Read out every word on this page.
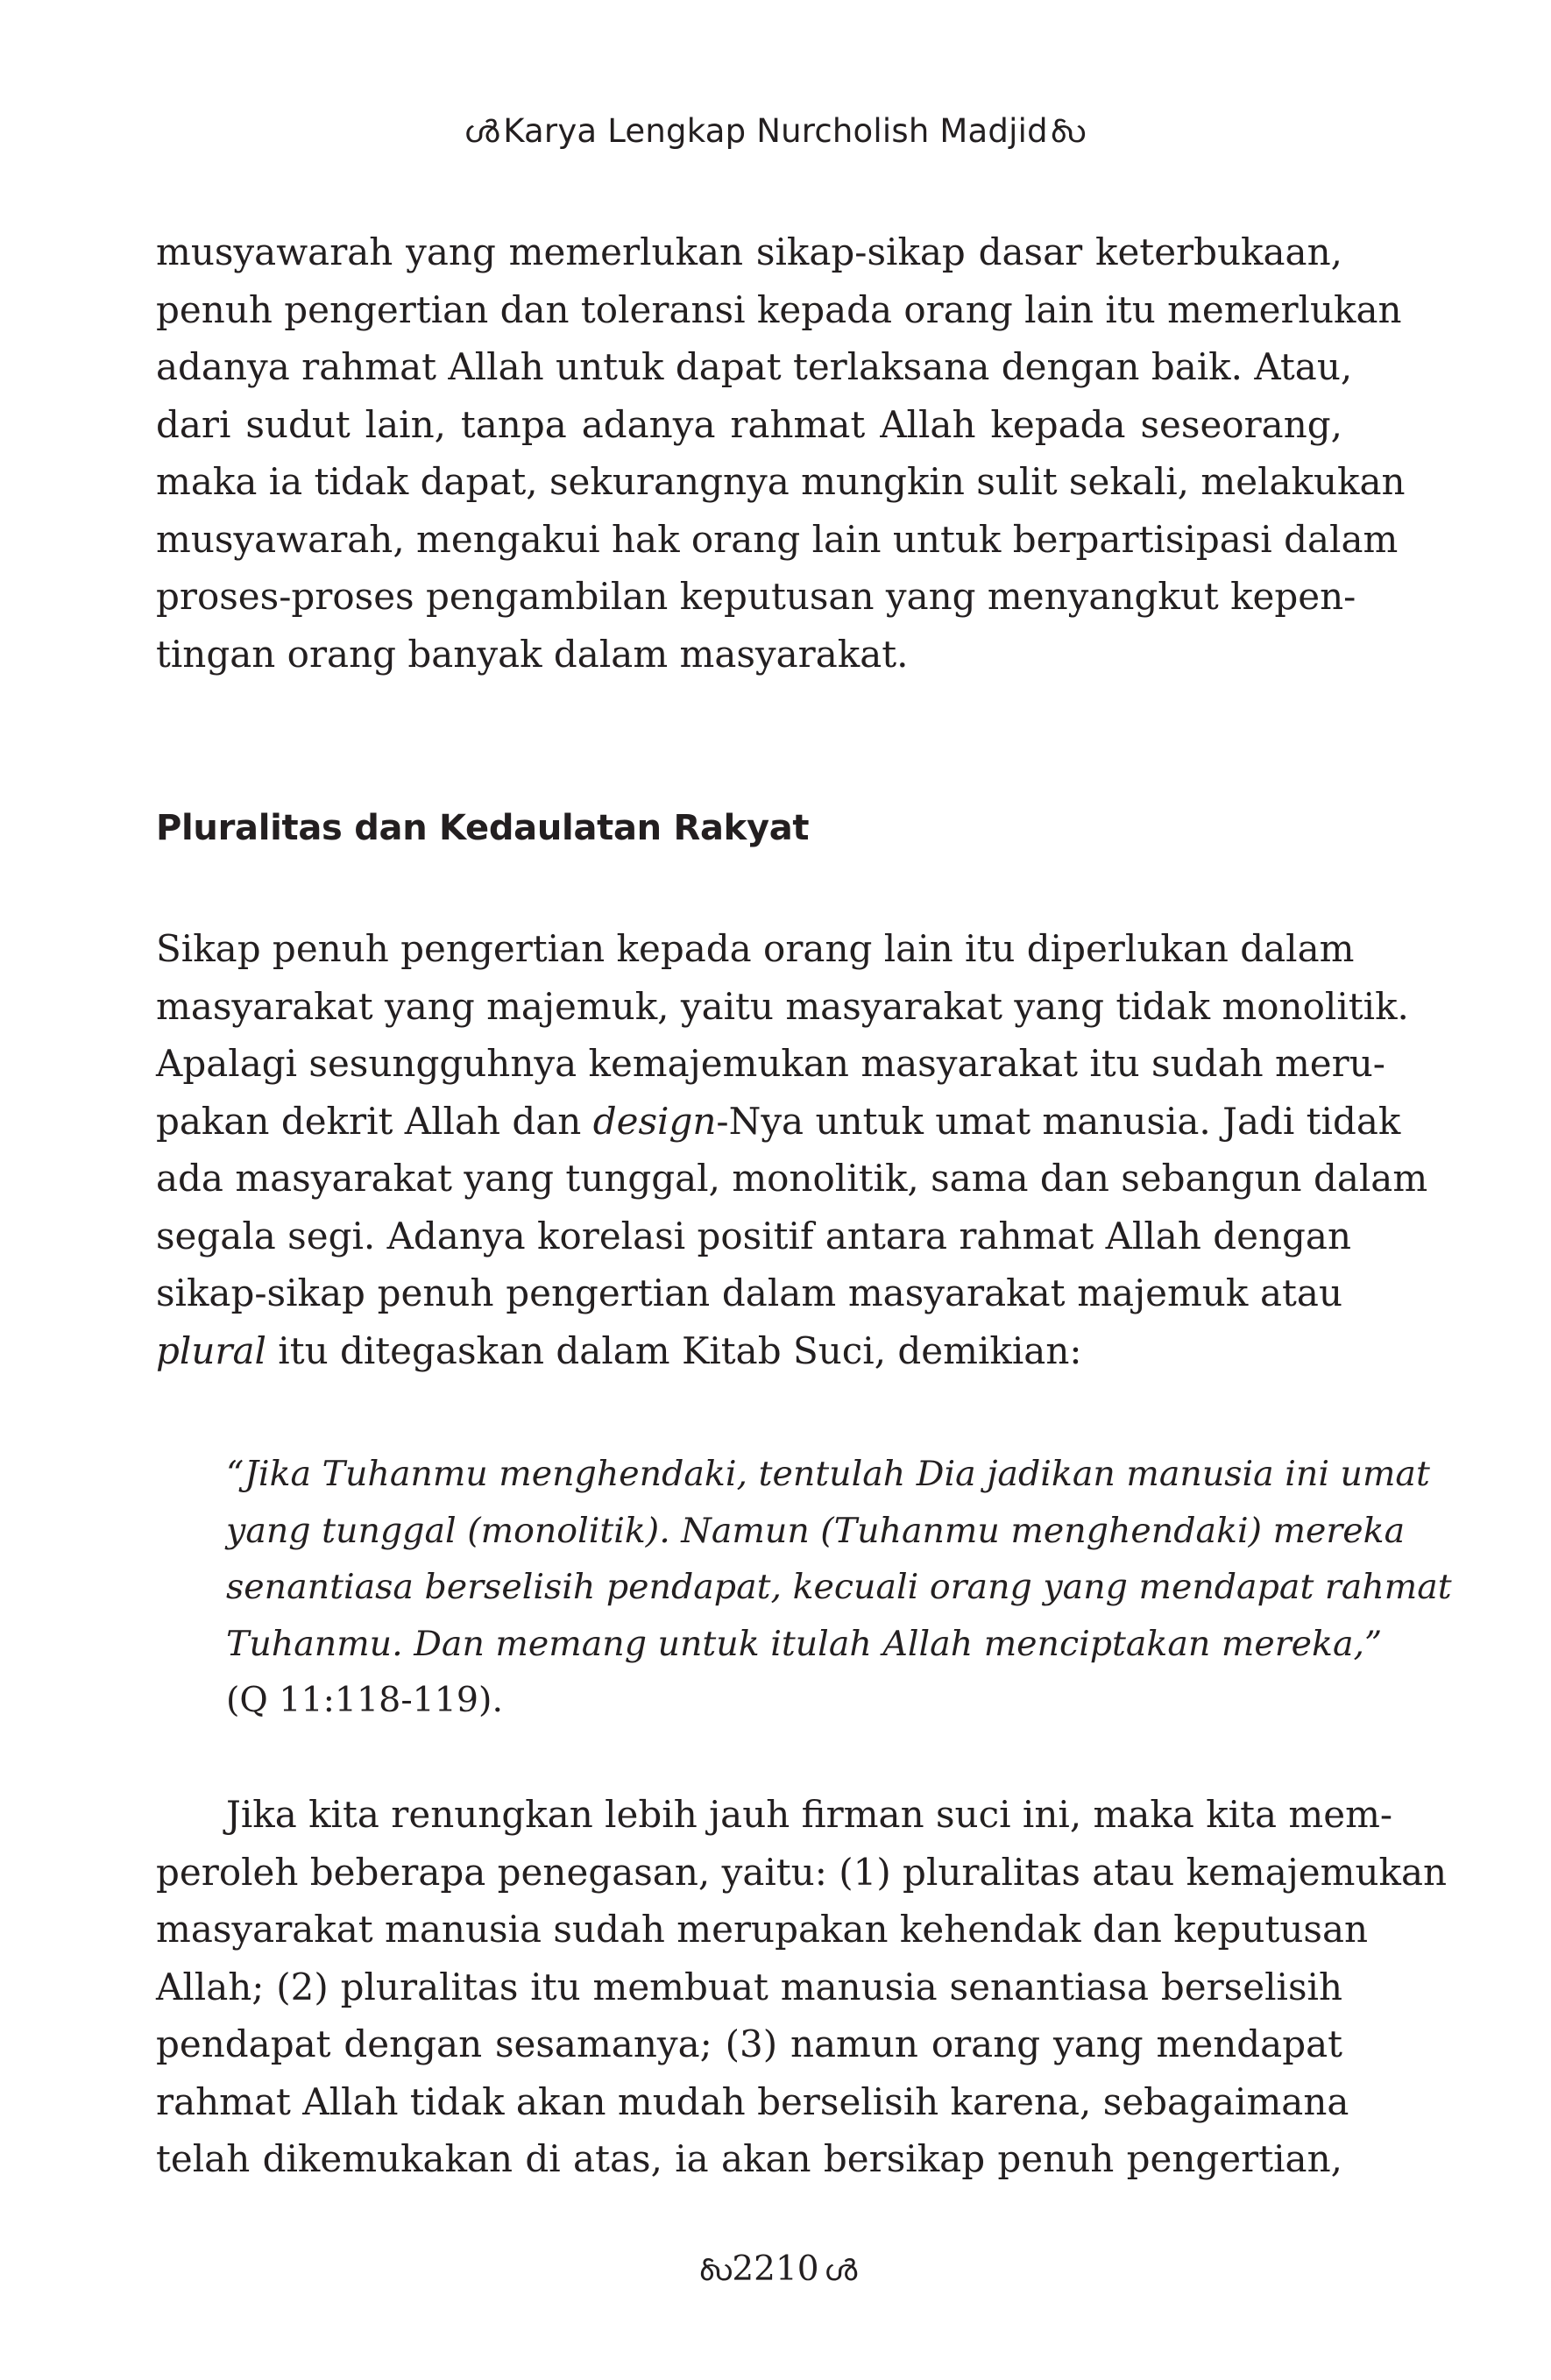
ൾ Karya Lengkap Nurcholish Madjid ൾ
musyawarah yang memerlukan sikap-sikap dasar keterbukaan,
penuh pengertian dan toleransi kepada orang lain itu memerlukan
adanya rahmat Allah untuk dapat terlaksana dengan baik. Atau,
dari sudut lain, tanpa adanya rahmat Allah kepada seseorang,
maka ia tidak dapat, sekurangnya mungkin sulit sekali, melakukan
musyawarah, mengakui hak orang lain untuk berpartisipasi dalam
proses-proses pengambilan keputusan yang menyangkut kepen-
tingan orang banyak dalam masyarakat.
Pluralitas dan Kedaulatan Rakyat
Sikap penuh pengertian kepada orang lain itu diperlukan dalam
masyarakat yang majemuk, yaitu masyarakat yang tidak monolitik.
Apalagi sesungguhnya kemajemukan masyarakat itu sudah meru-
pakan dekrit Allah dan design-Nya untuk umat manusia. Jadi tidak
ada masyarakat yang tunggal, monolitik, sama dan sebangun dalam
segala segi. Adanya korelasi positif antara rahmat Allah dengan
sikap-sikap penuh pengertian dalam masyarakat majemuk atau
plural itu ditegaskan dalam Kitab Suci, demikian:
“Jika Tuhanmu menghendaki, tentulah Dia jadikan manusia ini umat
yang tunggal (monolitik). Namun (Tuhanmu menghendaki) mereka
senantiasa berselisih pendapat, kecuali orang yang mendapat rahmat
Tuhanmu. Dan memang untuk itulah Allah menciptakan mereka,”
(Q 11:118-119).
Jika kita renungkan lebih jauh firman suci ini, maka kita mem-
peroleh beberapa penegasan, yaitu: (1) pluralitas atau kemajemukan
masyarakat manusia sudah merupakan kehendak dan keputusan
Allah; (2) pluralitas itu membuat manusia senantiasa berselisih
pendapat dengan sesamanya; (3) namun orang yang mendapat
rahmat Allah tidak akan mudah berselisih karena, sebagaimana
telah dikemukakan di atas, ia akan bersikap penuh pengertian,
ൾ2210 ൾ
